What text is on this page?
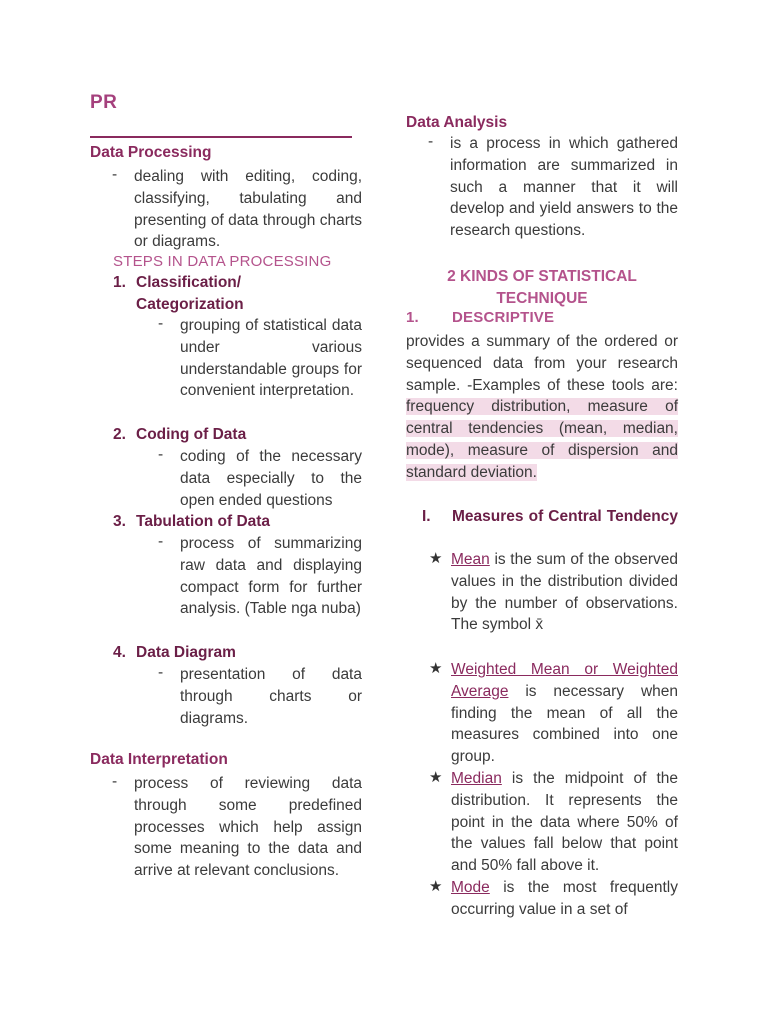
PR
Data Processing
-	dealing with editing, coding, classifying, tabulating and presenting of data through charts or diagrams.
STEPS IN DATA PROCESSING
1. Classification/ Categorization
-	grouping of statistical data under various understandable groups for convenient interpretation.
2. Coding of Data
-	coding of the necessary data especially to the open ended questions
3. Tabulation of Data
-	process of summarizing raw data and displaying compact form for further analysis. (Table nga nuba)
4. Data Diagram
-	presentation of data through charts or diagrams.
Data Interpretation
-	process of reviewing data through some predefined processes which help assign some meaning to the data and arrive at relevant conclusions.
Data Analysis
-	is a process in which gathered information are summarized in such a manner that it will develop and yield answers to the research questions.
2 KINDS OF STATISTICAL
TECHNIQUE
1. DESCRIPTIVE
provides a summary of the ordered or sequenced data from your research sample. -Examples of these tools are: frequency distribution, measure of central tendencies (mean, median, mode), measure of dispersion and standard deviation.
I. Measures of Central Tendency
★ Mean is the sum of the observed values in the distribution divided by the number of observations. The symbol x̄
★ Weighted Mean or Weighted Average is necessary when finding the mean of all the measures combined into one group.
★ Median is the midpoint of the distribution. It represents the point in the data where 50% of the values fall below that point and 50% fall above it.
★ Mode is the most frequently occurring value in a set of
